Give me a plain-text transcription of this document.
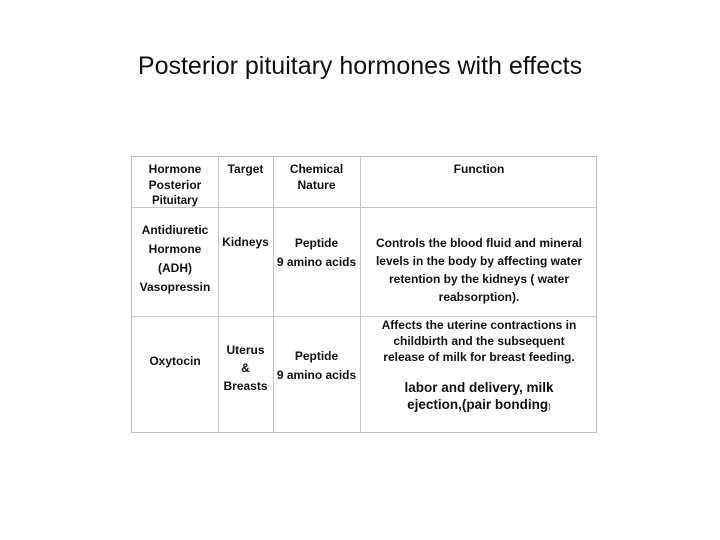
Posterior pituitary hormones with effects
Hormone
Posterior
Pituitary
Target	Chemical
Nature
Function
Antidiuretic
Hormone
(ADH)
Vasopressin
Kidneys	Peptide
9 amino acids
Controls the blood fluid and mineral
levels in the body by affecting water
retention by the kidneys ( water
reabsorption).
Oxytocin
Uterus
&
Breasts
Peptide
9 amino acids
Affects the uterine contractions in
childbirth and the subsequent
release of milk for breast feeding.
labor and delivery, milk
ejection,(pair bonding)
